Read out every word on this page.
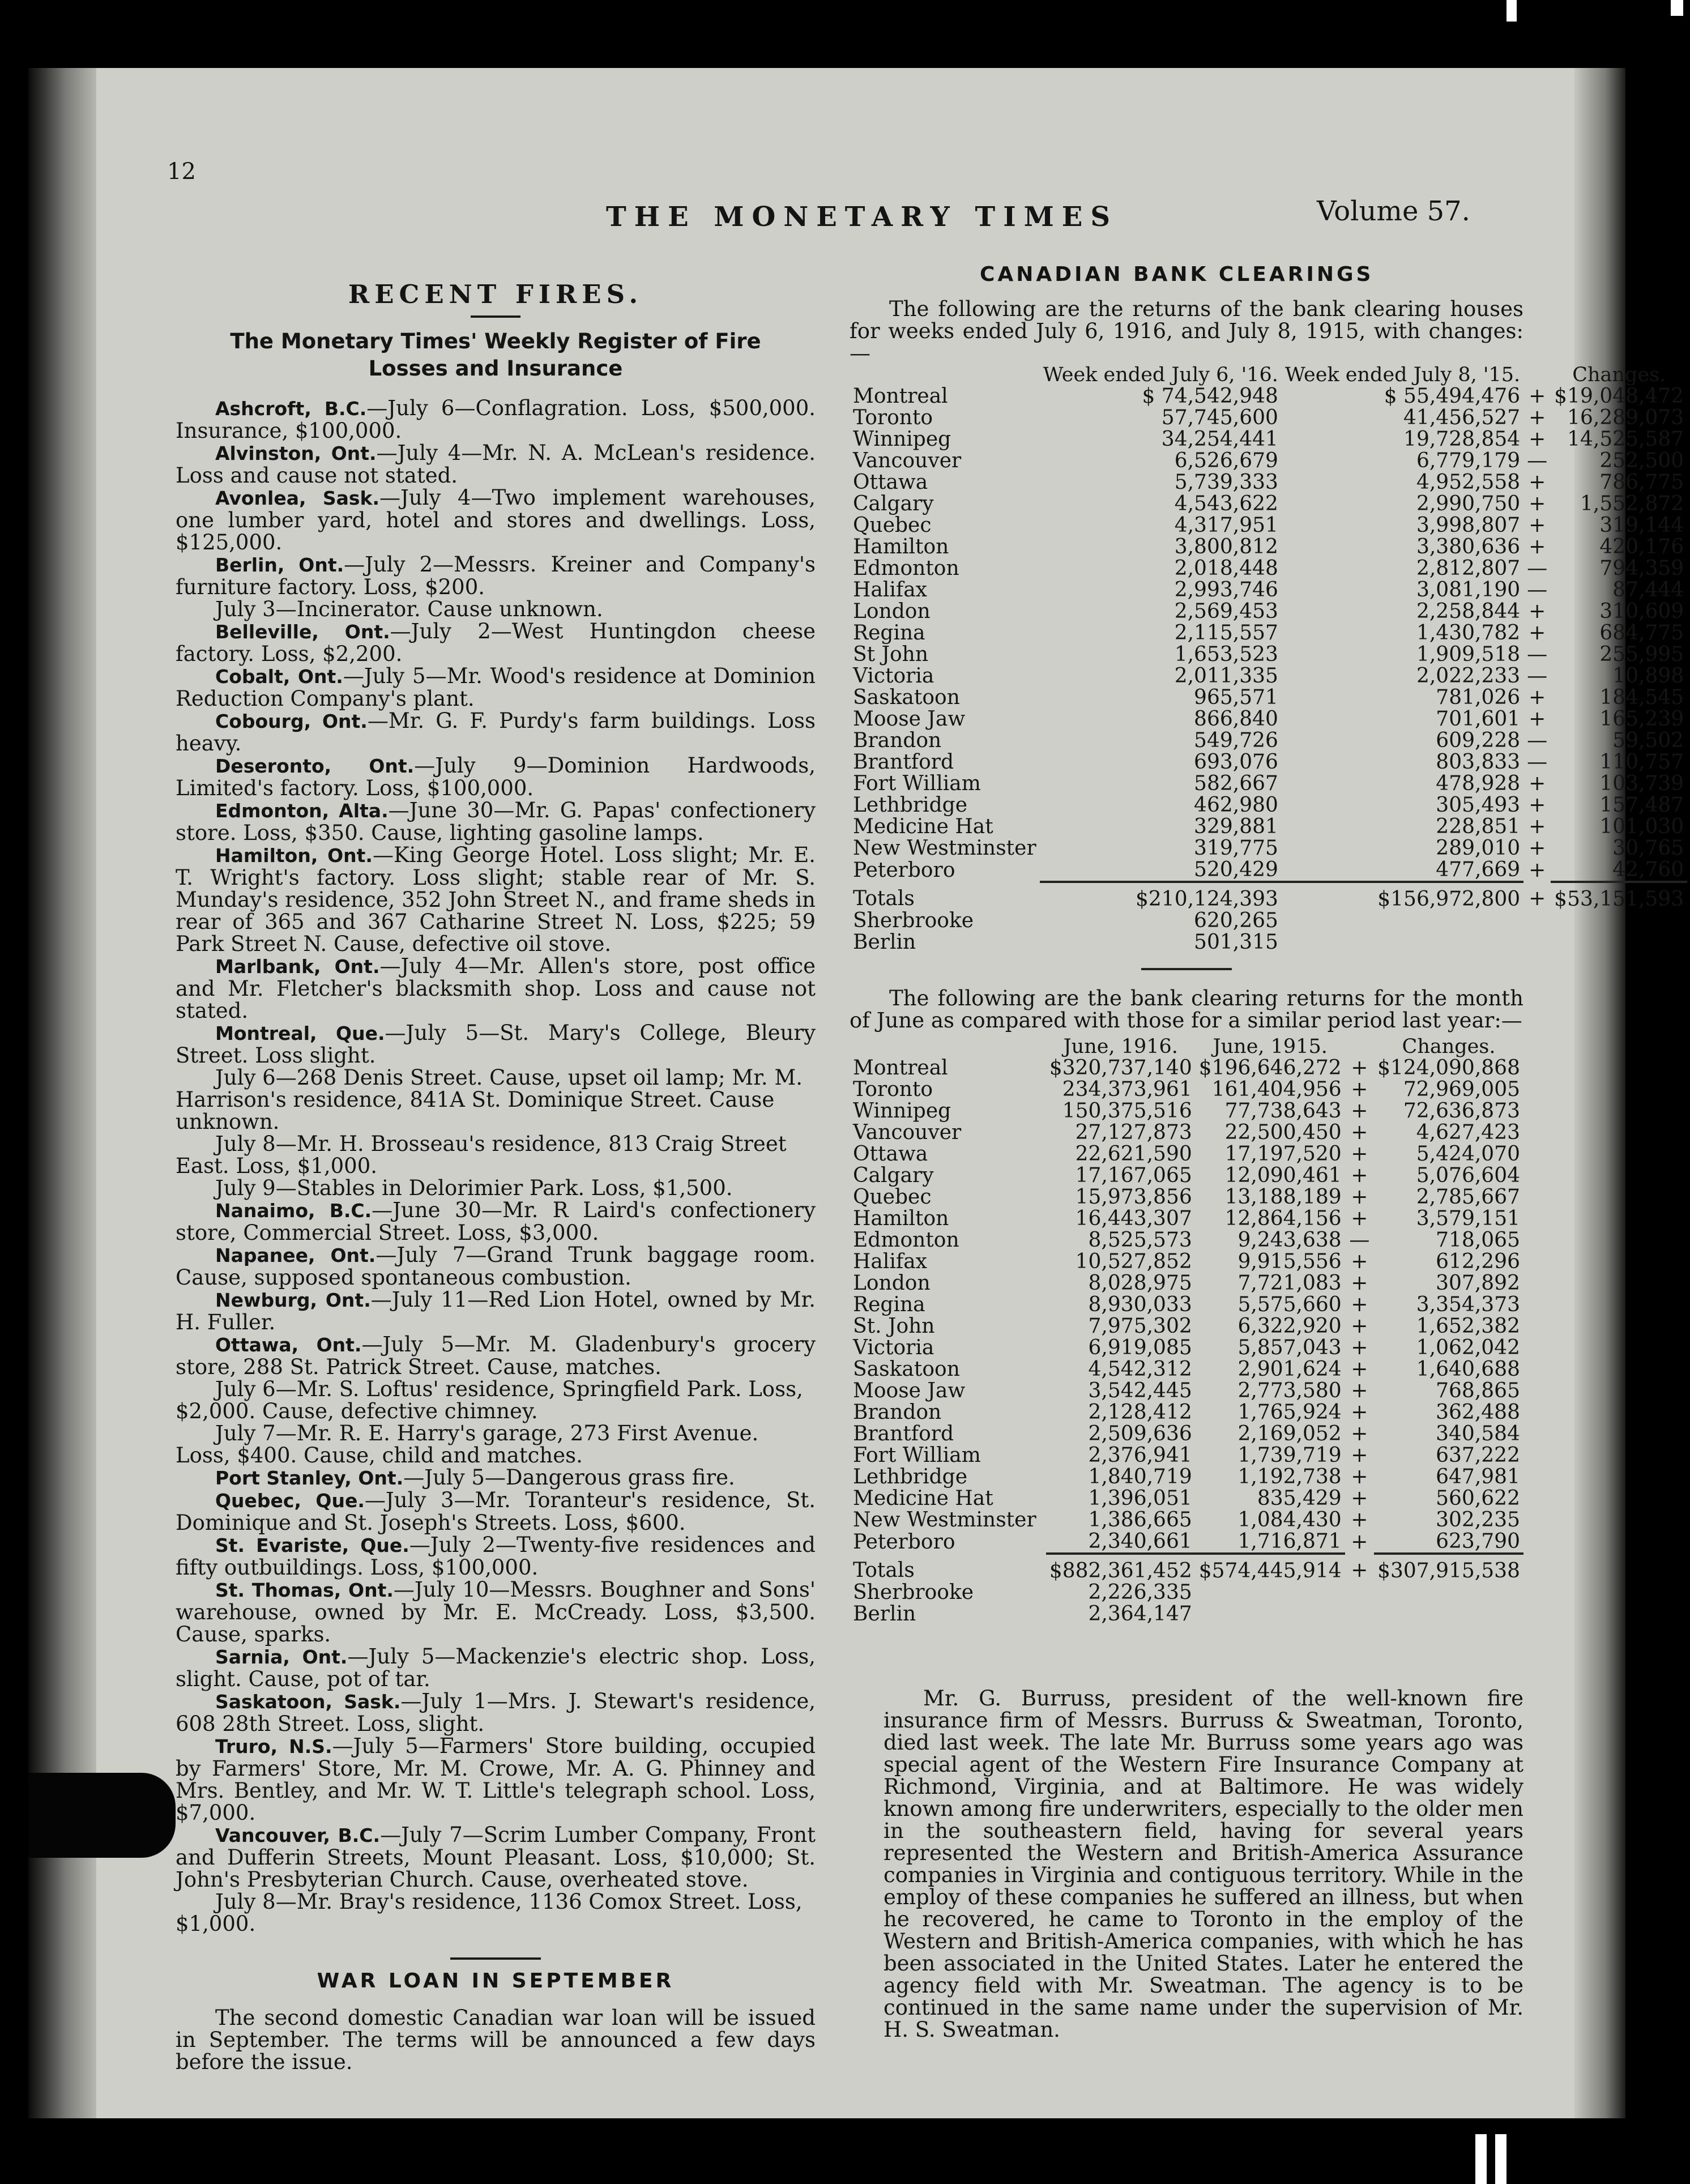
12
THE MONETARY TIMES	Volume 57.
RECENT FIRES.
The Monetary Times' Weekly Register of Fire Losses and Insurance

Ashcroft, B.C.—July 6—Conflagration. Loss, $500,000. Insurance, $100,000.

Alvinston, Ont.—July 4—Mr. N. A. McLean's residence. Loss and cause not stated.

Avonlea, Sask.—July 4—Two implement warehouses, one lumber yard, hotel and stores and dwellings. Loss, $125,000.

Berlin, Ont.—July 2—Messrs. Kreiner and Company's furniture factory. Loss, $200.

July 3—Incinerator. Cause unknown.

Belleville, Ont.—July 2—West Huntingdon cheese factory. Loss, $2,200.

Cobalt, Ont.—July 5—Mr. Wood's residence at Dominion Reduction Company's plant.

Cobourg, Ont.—Mr. G. F. Purdy's farm buildings. Loss heavy.

Deseronto, Ont.—July 9—Dominion Hardwoods, Limited's factory. Loss, $100,000.

Edmonton, Alta.—June 30—Mr. G. Papas' confectionery store. Loss, $350. Cause, lighting gasoline lamps.

Hamilton, Ont.—King George Hotel. Loss slight; Mr. E. T. Wright's factory. Loss slight; stable rear of Mr. S. Munday's residence, 352 John Street N., and frame sheds in rear of 365 and 367 Catharine Street N. Loss, $225; 59 Park Street N. Cause, defective oil stove.

Marlbank, Ont.—July 4—Mr. Allen's store, post office and Mr. Fletcher's blacksmith shop. Loss and cause not stated.

Montreal, Que.—July 5—St. Mary's College, Bleury Street. Loss slight.

July 6—268 Denis Street. Cause, upset oil lamp; Mr. M. Harrison's residence, 841A St. Dominique Street. Cause unknown.

July 8—Mr. H. Brosseau's residence, 813 Craig Street East. Loss, $1,000.

July 9—Stables in Delorimier Park. Loss, $1,500.

Nanaimo, B.C.—June 30—Mr. R Laird's confectionery store, Commercial Street. Loss, $3,000.

Napanee, Ont.—July 7—Grand Trunk baggage room. Cause, supposed spontaneous combustion.

Newburg, Ont.—July 11—Red Lion Hotel, owned by Mr. H. Fuller.

Ottawa, Ont.—July 5—Mr. M. Gladenbury's grocery store, 288 St. Patrick Street. Cause, matches.

July 6—Mr. S. Loftus' residence, Springfield Park. Loss, $2,000. Cause, defective chimney.

July 7—Mr. R. E. Harry's garage, 273 First Avenue. Loss, $400. Cause, child and matches.

Port Stanley, Ont.—July 5—Dangerous grass fire.

Quebec, Que.—July 3—Mr. Toranteur's residence, St. Dominique and St. Joseph's Streets. Loss, $600.

St. Evariste, Que.—July 2—Twenty-five residences and fifty outbuildings. Loss, $100,000.

St. Thomas, Ont.—July 10—Messrs. Boughner and Sons' warehouse, owned by Mr. E. McCready. Loss, $3,500. Cause, sparks.

Sarnia, Ont.—July 5—Mackenzie's electric shop. Loss, slight. Cause, pot of tar.

Saskatoon, Sask.—July 1—Mrs. J. Stewart's residence, 608 28th Street. Loss, slight.

Truro, N.S.—July 5—Farmers' Store building, occupied by Farmers' Store, Mr. M. Crowe, Mr. A. G. Phinney and Mrs. Bentley, and Mr. W. T. Little's telegraph school. Loss, $7,000.

Vancouver, B.C.—July 7—Scrim Lumber Company, Front and Dufferin Streets, Mount Pleasant. Loss, $10,000; St. John's Presbyterian Church. Cause, overheated stove.

July 8—Mr. Bray's residence, 1136 Comox Street. Loss, $1,000.

WAR LOAN IN SEPTEMBER

The second domestic Canadian war loan will be issued in September. The terms will be announced a few days before the issue.

CANADIAN BANK CLEARINGS

The following are the returns of the bank clearing houses for weeks ended July 6, 1916, and July 8, 1915, with changes:—

	Week ended July 6, '16.	Week ended July 8, '15.		Changes.
Montreal	$ 74,542,948	$ 55,494,476	+	$19,048,472
Toronto	57,745,600	41,456,527	+	16,289,073
Winnipeg	34,254,441	19,728,854	+	14,525,587
Vancouver	6,526,679	6,779,179	—	252,500
Ottawa	5,739,333	4,952,558	+	786,775
Calgary	4,543,622	2,990,750	+	1,552,872
Quebec	4,317,951	3,998,807	+	319,144
Hamilton	3,800,812	3,380,636	+	420,176
Edmonton	2,018,448	2,812,807	—	794,359
Halifax	2,993,746	3,081,190	—	87,444
London	2,569,453	2,258,844	+	310,609
Regina	2,115,557	1,430,782	+	684,775
St John	1,653,523	1,909,518	—	255,995
Victoria	2,011,335	2,022,233	—	10,898
Saskatoon	965,571	781,026	+	184,545
Moose Jaw	866,840	701,601	+	165,239
Brandon	549,726	609,228	—	59,502
Brantford	693,076	803,833	—	110,757
Fort William	582,667	478,928	+	103,739
Lethbridge	462,980	305,493	+	157,487
Medicine Hat	329,881	228,851	+	101,030
New Westminster	319,775	289,010	+	30,765
Peterboro	520,429	477,669	+	42,760
Totals	$210,124,393	$156,972,800	+	$53,151,593
Sherbrooke	620,265			
Berlin	501,315			

The following are the bank clearing returns for the month of June as compared with those for a similar period last year:—

	June, 1916.	June, 1915.		Changes.
Montreal	$320,737,140	$196,646,272	+	$124,090,868
Toronto	234,373,961	161,404,956	+	72,969,005
Winnipeg	150,375,516	77,738,643	+	72,636,873
Vancouver	27,127,873	22,500,450	+	4,627,423
Ottawa	22,621,590	17,197,520	+	5,424,070
Calgary	17,167,065	12,090,461	+	5,076,604
Quebec	15,973,856	13,188,189	+	2,785,667
Hamilton	16,443,307	12,864,156	+	3,579,151
Edmonton	8,525,573	9,243,638	—	718,065
Halifax	10,527,852	9,915,556	+	612,296
London	8,028,975	7,721,083	+	307,892
Regina	8,930,033	5,575,660	+	3,354,373
St. John	7,975,302	6,322,920	+	1,652,382
Victoria	6,919,085	5,857,043	+	1,062,042
Saskatoon	4,542,312	2,901,624	+	1,640,688
Moose Jaw	3,542,445	2,773,580	+	768,865
Brandon	2,128,412	1,765,924	+	362,488
Brantford	2,509,636	2,169,052	+	340,584
Fort William	2,376,941	1,739,719	+	637,222
Lethbridge	1,840,719	1,192,738	+	647,981
Medicine Hat	1,396,051	835,429	+	560,622
New Westminster	1,386,665	1,084,430	+	302,235
Peterboro	2,340,661	1,716,871	+	623,790
Totals	$882,361,452	$574,445,914	+	$307,915,538
Sherbrooke	2,226,335			
Berlin	2,364,147			

Mr. G. Burruss, president of the well-known fire insurance firm of Messrs. Burruss & Sweatman, Toronto, died last week. The late Mr. Burruss some years ago was special agent of the Western Fire Insurance Company at Richmond, Virginia, and at Baltimore. He was widely known among fire underwriters, especially to the older men in the southeastern field, having for several years represented the Western and British-America Assurance companies in Virginia and contiguous territory. While in the employ of these companies he suffered an illness, but when he recovered, he came to Toronto in the employ of the Western and British-America companies, with which he has been associated in the United States. Later he entered the agency field with Mr. Sweatman. The agency is to be continued in the same name under the supervision of Mr. H. S. Sweatman.
